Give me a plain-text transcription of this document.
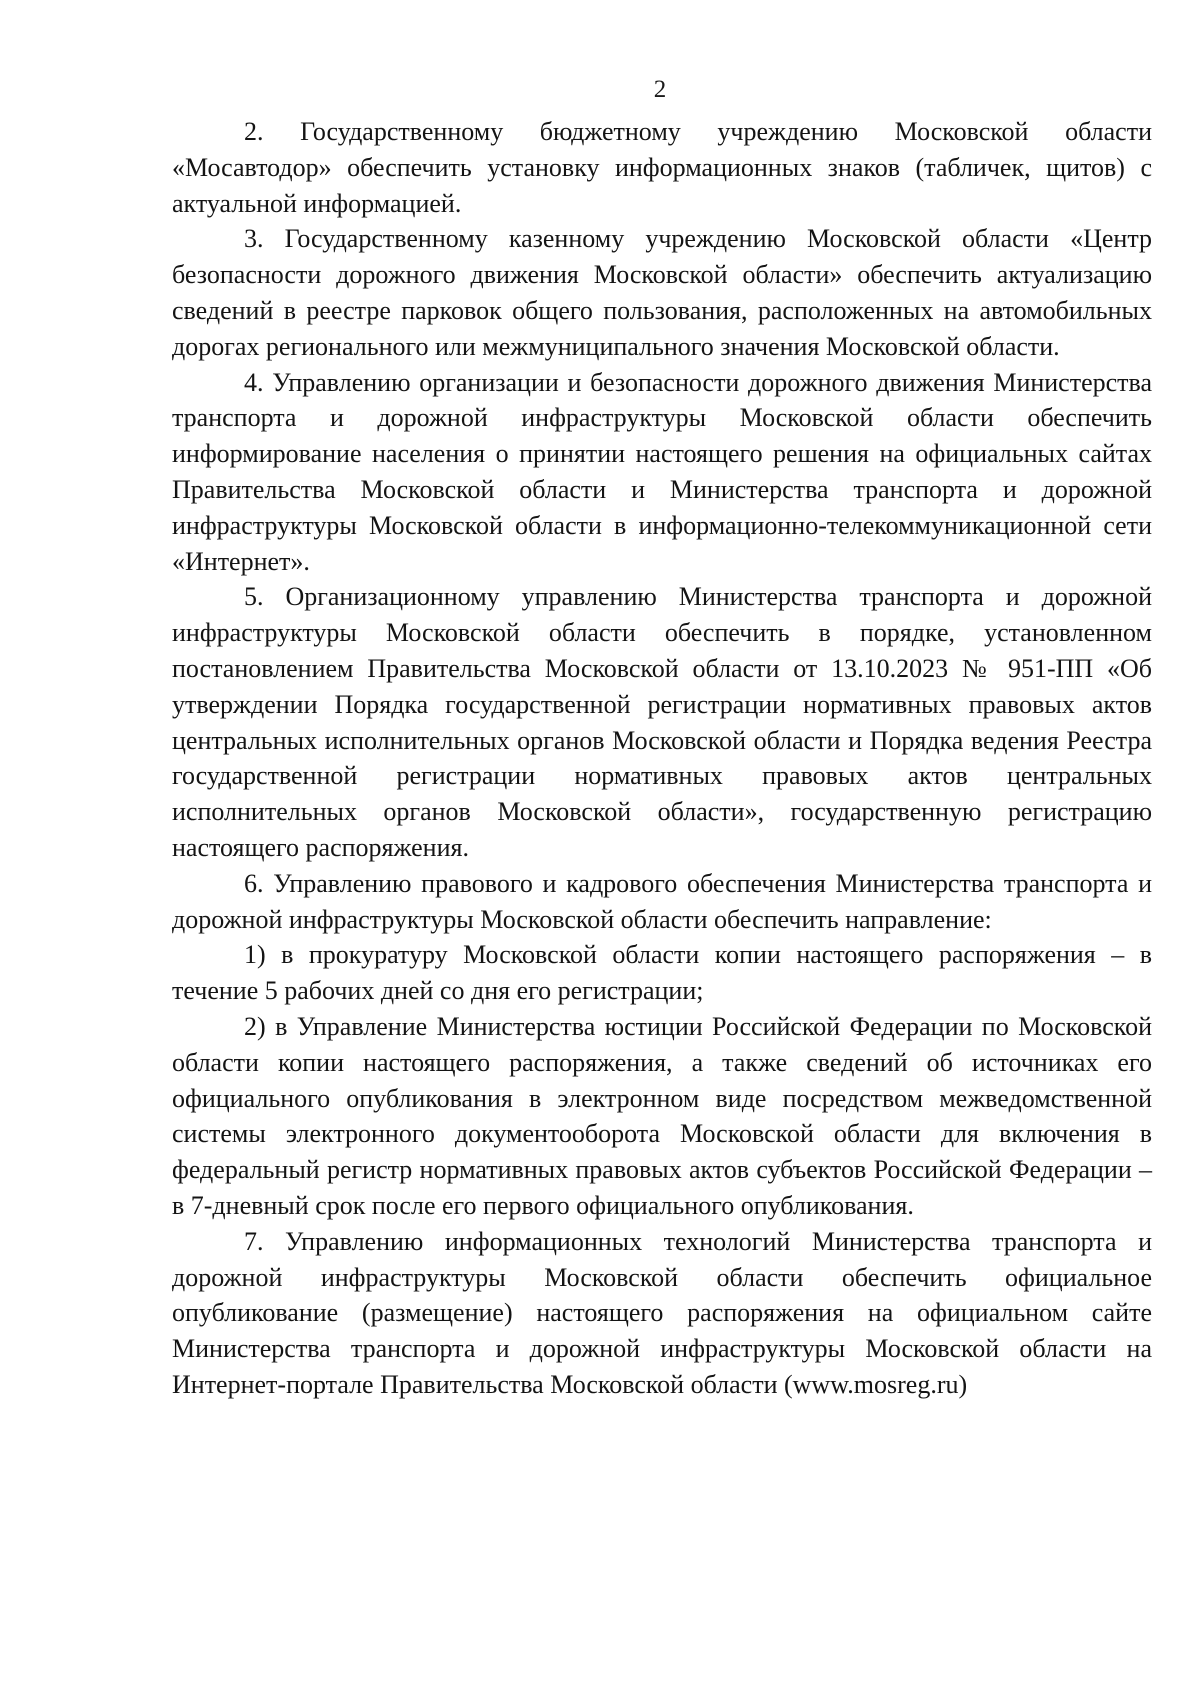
2

2. Государственному бюджетному учреждению Московской области «Мосавтодор» обеспечить установку информационных знаков (табличек, щитов) с актуальной информацией.

3. Государственному казенному учреждению Московской области «Центр безопасности дорожного движения Московской области» обеспечить актуализацию сведений в реестре парковок общего пользования, расположенных на автомобильных дорогах регионального или межмуниципального значения Московской области.

4. Управлению организации и безопасности дорожного движения Министерства транспорта и дорожной инфраструктуры Московской области обеспечить информирование населения о принятии настоящего решения на официальных сайтах Правительства Московской области и Министерства транспорта и дорожной инфраструктуры Московской области в информационно-телекоммуникационной сети «Интернет».

5. Организационному управлению Министерства транспорта и дорожной инфраструктуры Московской области обеспечить в порядке, установленном постановлением Правительства Московской области от 13.10.2023 № 951-ПП «Об утверждении Порядка государственной регистрации нормативных правовых актов центральных исполнительных органов Московской области и Порядка ведения Реестра государственной регистрации нормативных правовых актов центральных исполнительных органов Московской области», государственную регистрацию настоящего распоряжения.

6. Управлению правового и кадрового обеспечения Министерства транспорта и дорожной инфраструктуры Московской области обеспечить направление:

1) в прокуратуру Московской области копии настоящего распоряжения – в течение 5 рабочих дней со дня его регистрации;

2) в Управление Министерства юстиции Российской Федерации по Московской области копии настоящего распоряжения, а также сведений об источниках его официального опубликования в электронном виде посредством межведомственной системы электронного документооборота Московской области для включения в федеральный регистр нормативных правовых актов субъектов Российской Федерации – в 7-дневный срок после его первого официального опубликования.

7. Управлению информационных технологий Министерства транспорта и дорожной инфраструктуры Московской области обеспечить официальное опубликование (размещение) настоящего распоряжения на официальном сайте Министерства транспорта и дорожной инфраструктуры Московской области на Интернет-портале Правительства Московской области (www.mosreg.ru)
